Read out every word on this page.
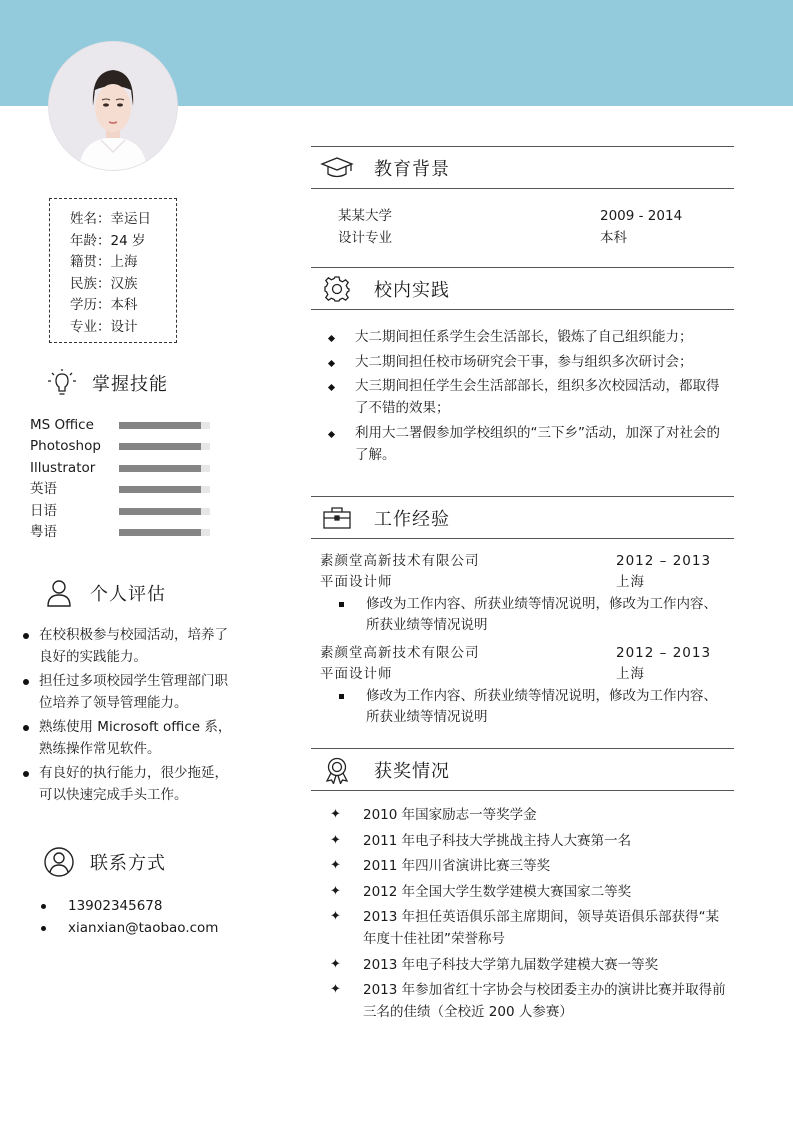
姓名：幸运日
年龄：24 岁
籍贯：上海
民族：汉族
学历：本科
专业：设计
掌握技能
MS Office
Photoshop
Illustrator
英语
日语
粤语
个人评估
在校积极参与校园活动，培养了良好的实践能力。
担任过多项校园学生管理部门职位培养了领导管理能力。
熟练使用 Microsoft office 系，熟练操作常见软件。
有良好的执行能力，很少拖延，可以快速完成手头工作。
联系方式
13902345678
xianxian@taobao.com
教育背景
某某大学	2009 - 2014
设计专业	本科
校内实践
大二期间担任系学生会生活部长，锻炼了自己组织能力；
大二期间担任校市场研究会干事，参与组织多次研讨会；
大三期间担任学生会生活部部长，组织多次校园活动，都取得了不错的效果；
利用大二署假参加学校组织的“三下乡”活动，加深了对社会的了解。
工作经验
素颜堂高新技术有限公司	2012 – 2013
平面设计师	上海
修改为工作内容、所获业绩等情况说明，修改为工作内容、所获业绩等情况说明
素颜堂高新技术有限公司	2012 – 2013
平面设计师	上海
修改为工作内容、所获业绩等情况说明，修改为工作内容、所获业绩等情况说明
获奖情况
✦ 2010 年国家励志一等奖学金
✦ 2011 年电子科技大学挑战主持人大赛第一名
✦ 2011 年四川省演讲比赛三等奖
✦ 2012 年全国大学生数学建模大赛国家二等奖
✦ 2013 年担任英语俱乐部主席期间，领导英语俱乐部获得“某年度十佳社团”荣誉称号
✦ 2013 年电子科技大学第九届数学建模大赛一等奖
✦ 2013 年参加省红十字协会与校团委主办的演讲比赛并取得前三名的佳绩（全校近 200 人参赛）
